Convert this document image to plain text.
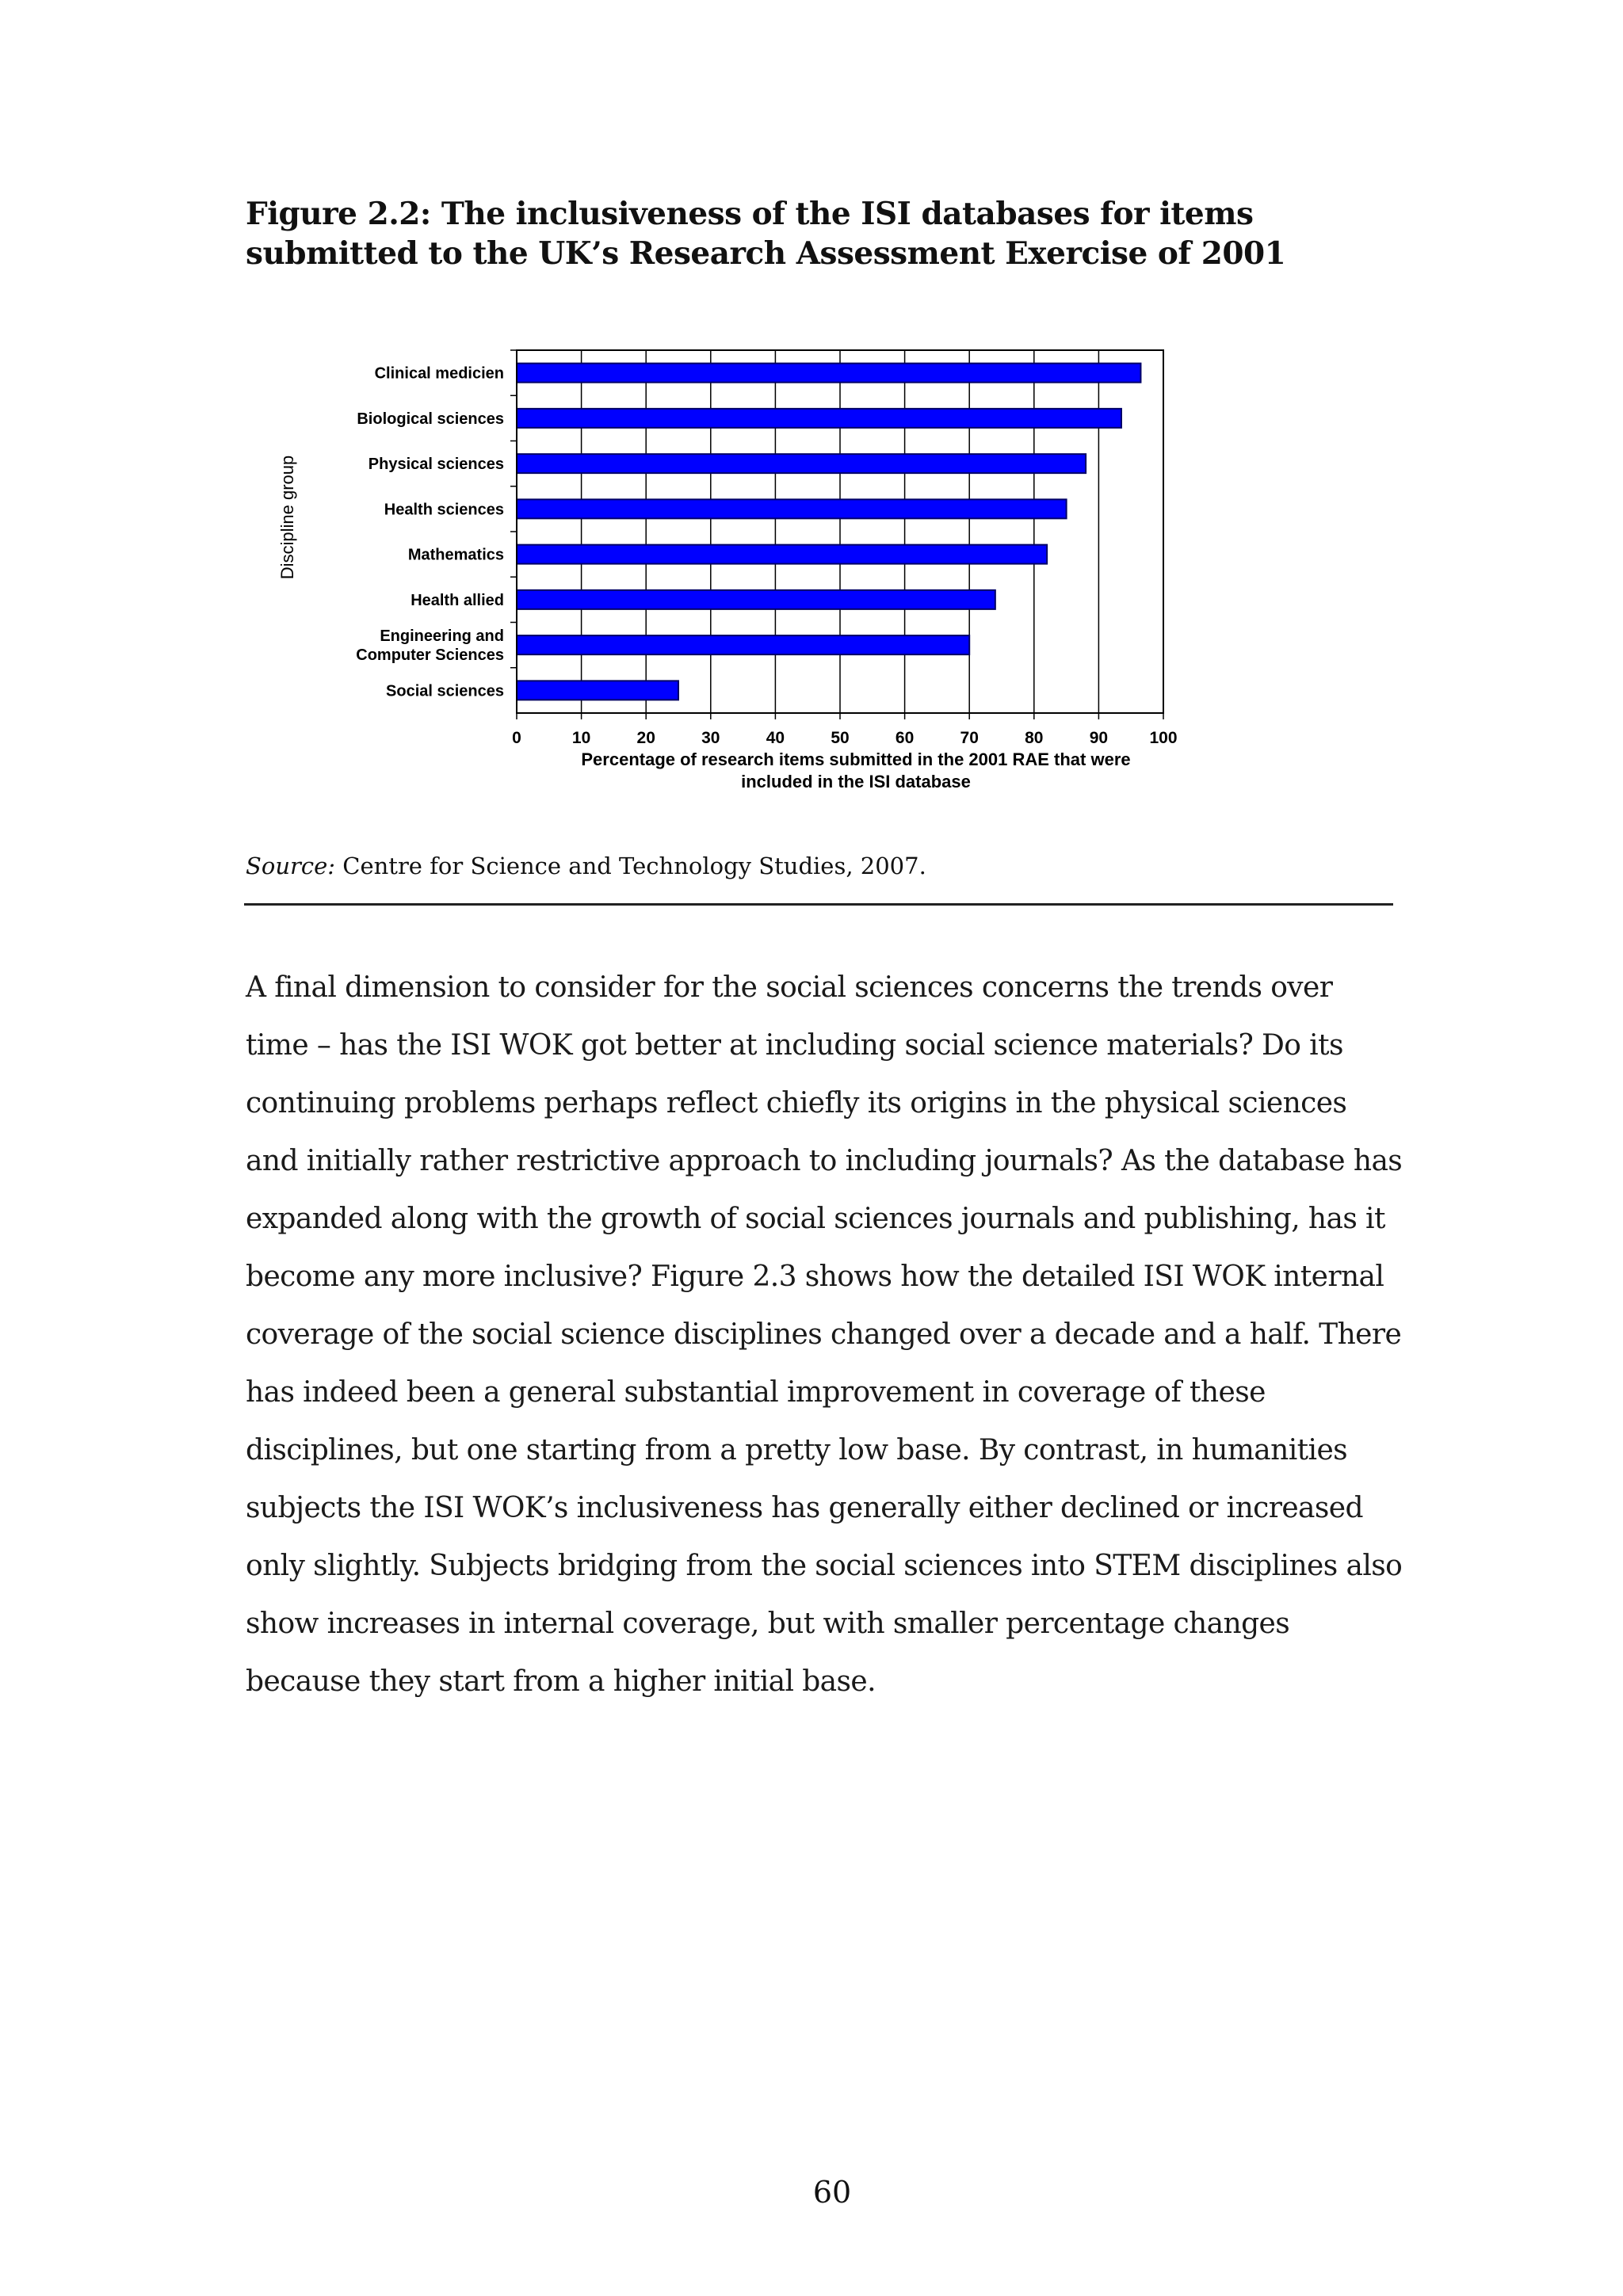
Figure 2.2: The inclusiveness of the ISI databases for items submitted to the UK’s Research Assessment Exercise of 2001
Clinical medicien
Biological sciences
Physical sciences
Health sciences
Mathematics
Health allied
Engineering and Computer Sciences
Social sciences
0	10	20	30	40	50	60	70	80	90 100
Percentage of research items submitted in the 2001 RAE that were included in the ISI database
Discipline group
Source: Centre for Science and Technology Studies, 2007.

A final dimension to consider for the social sciences concerns the trends over time – has the ISI WOK got better at including social science materials? Do its continuing problems perhaps reflect chiefly its origins in the physical sciences and initially rather restrictive approach to including journals? As the database has expanded along with the growth of social sciences journals and publishing, has it become any more inclusive? Figure 2.3 shows how the detailed ISI WOK internal coverage of the social science disciplines changed over a decade and a half. There has indeed been a general substantial improvement in coverage of these disciplines, but one starting from a pretty low base. By contrast, in humanities subjects the ISI WOK’s inclusiveness has generally either declined or increased only slightly. Subjects bridging from the social sciences into STEM disciplines also show increases in internal coverage, but with smaller percentage changes because they start from a higher initial base.

60
